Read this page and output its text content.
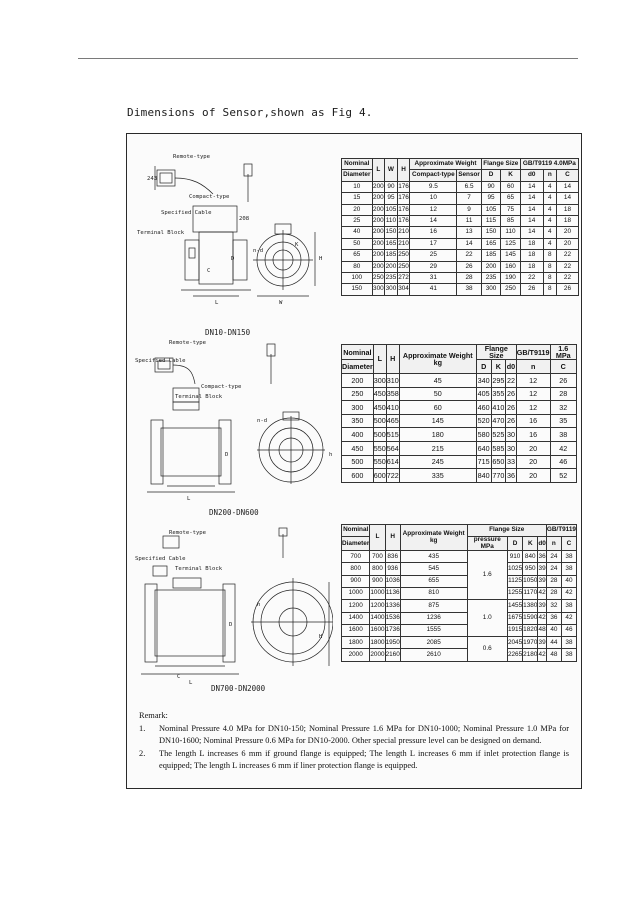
Dimensions of Sensor,shown as Fig 4.
Remote-type
Compact-type
Specified Cable
Terminal Block
243
208
L
C
D	H
W
K
n-d
DN10-DN150
Nominal	L	W	H	Approximate Weight		Flange Size		GB/T9119 4.0MPa		
Diameter				Compact-type	Sensor	D	K	d0	n	C
10	200	90	176	9.5	6.5	90	60	14	4	14
15	200	95	176	10	7	95	65	14	4	14
20	200	105	176	12	9	105	75	14	4	18
25	200	110	176	14	11	115	85	14	4	18
40	200	150	210	16	13	150	110	14	4	20
50	200	165	210	17	14	165	125	18	4	20
65	200	185	250	25	22	185	145	18	8	22
80	200	200	250	29	26	200	160	18	8	22
100	250	235	272	31	28	235	190	22	8	22
150	300	300	304	41	38	300	250	26	8	26
Remote-type
Compact-type
Specified Cable
Terminal Block
L
D
n-d
h
DN200-DN600
Nominal	L	H	Approximate Weight kg	Flange Size			GB/T9119	1.6 MPa
Diameter				D	K	d0	n	C
200	300	310	45	340	295	22	12	26
250	450	358	50	405	355	26	12	28
300	450	410	60	460	410	26	12	32
350	500	465	145	520	470	26	16	35
400	500	515	180	580	525	30	16	38
450	550	564	215	640	585	30	20	42
500	550	614	245	715	650	33	20	46
600	600	722	335	840	770	36	20	52
Remote-type
Specified Cable
Terminal Block
L
C
D
h
H
DN700-DN2000
Nominal	L	H	Approximate Weight kg	Flange Size				GB/T9119	
Diameter				pressure MPa	D	K	d0	n	C
700	700	836	435	1.6	910	840	36	24	38
800	800	936	545		1025	950	39	24	38
900	900	1036	655		1125	1050	39	28	40
1000	1000	1136	810		1255	1170	42	28	42
1200	1200	1336	875	1.0	1455	1380	39	32	38
1400	1400	1536	1236		1675	1590	42	36	42
1600	1600	1736	1555		1915	1820	48	40	46
1800	1800	1950	2085	0.6	2045	1970	39	44	38
2000	2000	2160	2610		2265	2180	42	48	38
Remark:
1.	Nominal Pressure 4.0 MPa for DN10-150; Nominal Pressure 1.6 MPa for DN10-1000; Nominal Pressure 1.0 MPa for DN10-1600; Nominal Pressure 0.6 MPa for DN10-2000. Other special pressure level can be designed on demand.
2.	The length L increases 6 mm if ground flange is equipped; The length L increases 6 mm if inlet protection flange is equipped; The length L increases 6 mm if liner protection flange is equipped.
